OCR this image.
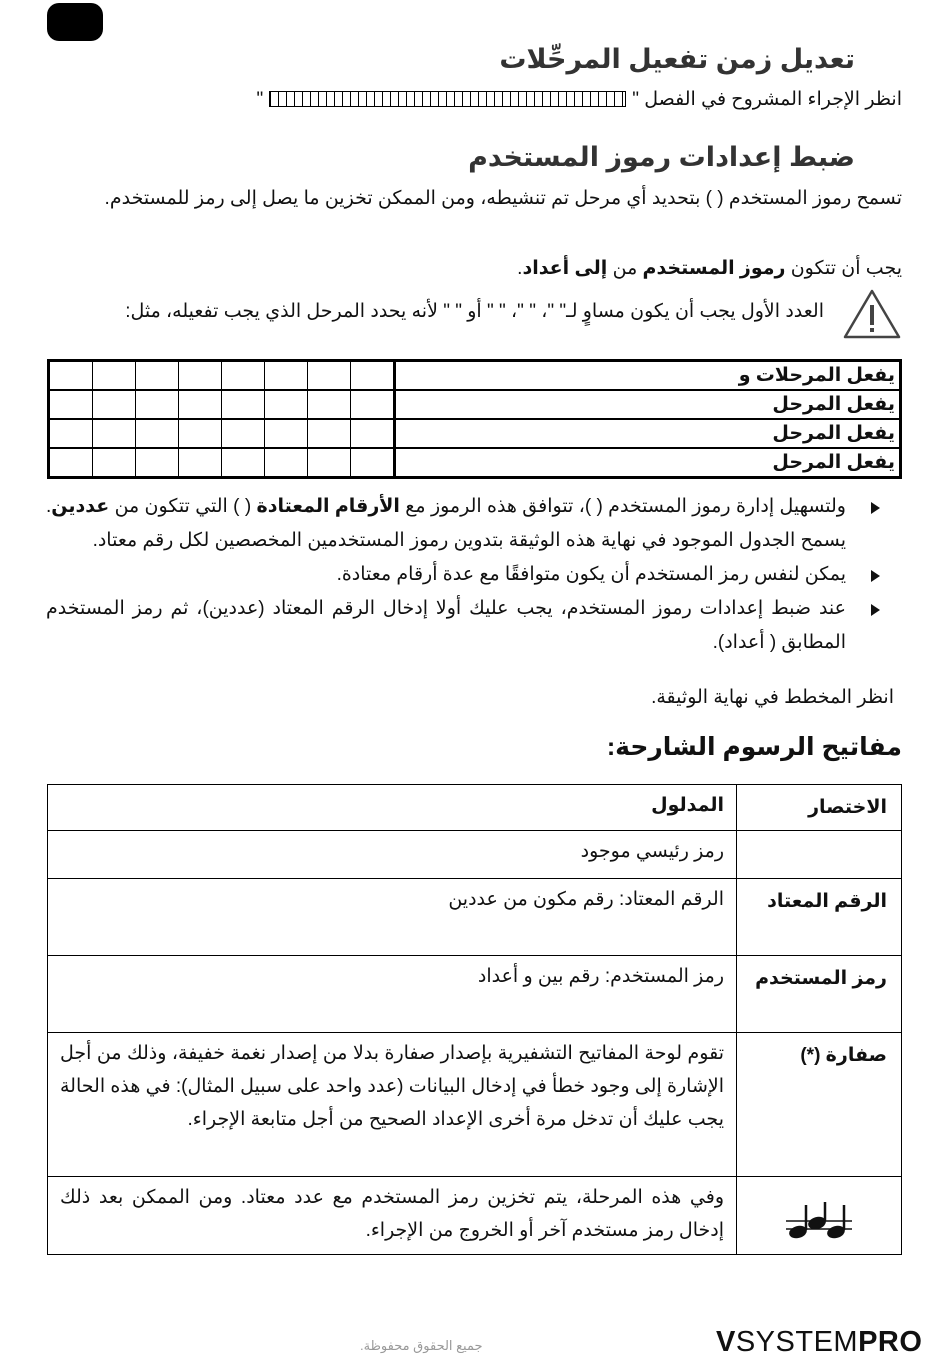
تعديل زمن تفعيل المرحِّلات
انظر الإجراء المشروح في الفصل ""
ضبط إعدادات رموز المستخدم
تسمح رموز المستخدم ( ) بتحديد أي مرحل تم تنشيطه، ومن الممكن تخزين ما يصل إلى رمز للمستخدم.
يجب أن تتكون رموز المستخدم من إلى أعداد.
العدد الأول يجب أن يكون مساوٍ لـ" "، " "، " " أو " " لأنه يحدد المرحل الذي يجب تفعيله، مثل:
								يفعل المرحلات و
								يفعل المرحل
								يفعل المرحل
								يفعل المرحل
ولتسهيل إدارة رموز المستخدم ( )، تتوافق هذه الرموز مع الأرقام المعتادة ( ) التي تتكون من عددين. يسمح الجدول الموجود في نهاية هذه الوثيقة بتدوين رموز المستخدمين المخصصين لكل رقم معتاد.
يمكن لنفس رمز المستخدم أن يكون متوافقًا مع عدة أرقام معتادة.
عند ضبط إعدادات رموز المستخدم، يجب عليك أولا إدخال الرقم المعتاد (عددين)، ثم رمز المستخدم المطابق ( أعداد).
انظر المخطط في نهاية الوثيقة.
مفاتيح الرسوم الشارحة:
الاختصار	المدلول
	رمز رئيسي موجود
الرقم المعتاد	الرقم المعتاد: رقم مكون من عددين
رمز المستخدم	رمز المستخدم: رقم بين و أعداد
صفارة (*)	تقوم لوحة المفاتيح التشفيرية بإصدار صفارة بدلا من إصدار نغمة خفيفة، وذلك من أجل الإشارة إلى وجود خطأ في إدخال البيانات (عدد واحد على سبيل المثال): في هذه الحالة يجب عليك أن تدخل مرة أخرى الإعداد الصحيح من أجل متابعة الإجراء.
	وفي هذه المرحلة، يتم تخزين رمز المستخدم مع عدد معتاد. ومن الممكن بعد ذلك إدخال رمز مستخدم آخر أو الخروج من الإجراء.
جميع الحقوق محفوظة.	VSYSTEMPRO
